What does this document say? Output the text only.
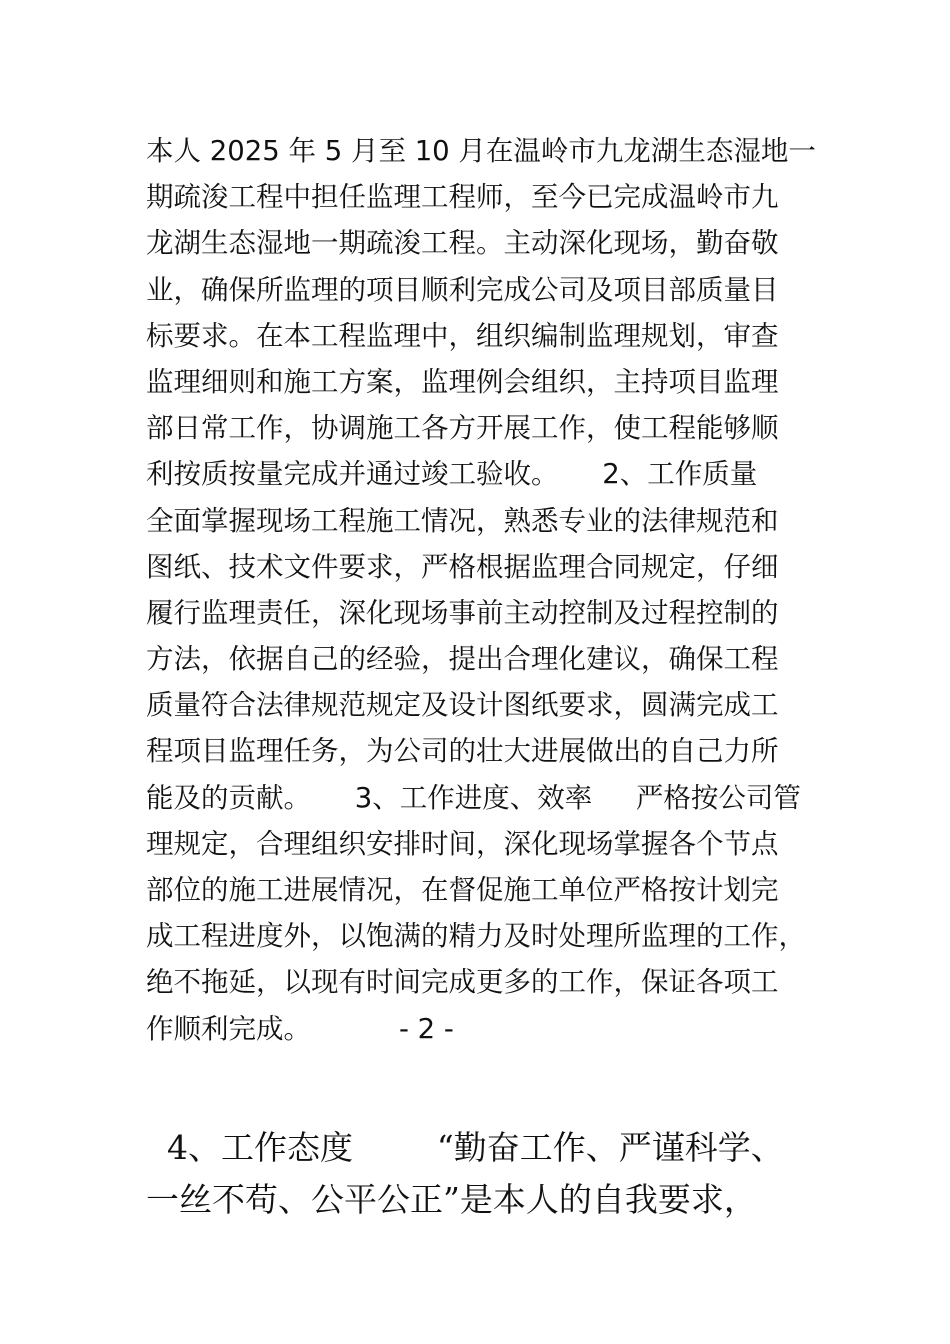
本人 2025 年 5 月至 10 月在温岭市九龙湖生态湿地一
期疏浚工程中担任监理工程师，至今已完成温岭市九
龙湖生态湿地一期疏浚工程。主动深化现场，勤奋敬
业，确保所监理的项目顺利完成公司及项目部质量目
标要求。在本工程监理中，组织编制监理规划，审查
监理细则和施工方案，监理例会组织，主持项目监理
部日常工作，协调施工各方开展工作，使工程能够顺
利按质按量完成并通过竣工验收。     2、工作质量
全面掌握现场工程施工情况，熟悉专业的法律规范和
图纸、技术文件要求，严格根据监理合同规定，仔细
履行监理责任，深化现场事前主动控制及过程控制的
方法，依据自己的经验，提出合理化建议，确保工程
质量符合法律规范规定及设计图纸要求，圆满完成工
程项目监理任务，为公司的壮大进展做出的自己力所
能及的贡献。     3、工作进度、效率     严格按公司管
理规定，合理组织安排时间，深化现场掌握各个节点
部位的施工进展情况，在督促施工单位严格按计划完
成工程进度外，以饱满的精力及时处理所监理的工作，
绝不拖延，以现有时间完成更多的工作，保证各项工
作顺利完成。	- 2 -
4、工作态度        “勤奋工作、严谨科学、
一丝不苟、公平公正”是本人的自我要求，
